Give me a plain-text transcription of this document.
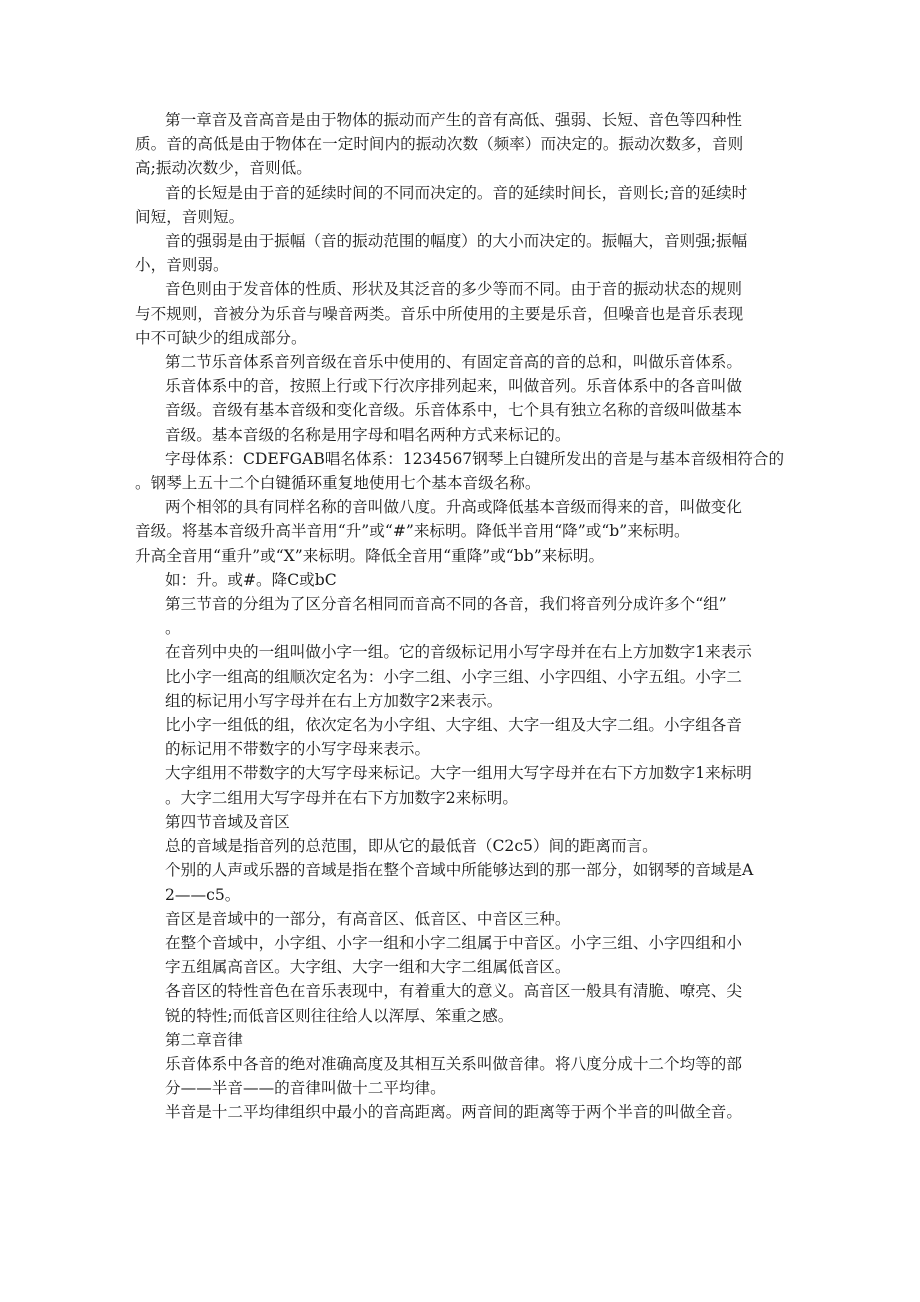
第一章音及音高音是由于物体的振动而产生的音有高低、强弱、长短、音色等四种性
质。音的高低是由于物体在一定时间内的振动次数（频率）而决定的。振动次数多，音则
高;振动次数少，音则低。
音的长短是由于音的延续时间的不同而决定的。音的延续时间长，音则长;音的延续时
间短，音则短。
音的强弱是由于振幅（音的振动范围的幅度）的大小而决定的。振幅大，音则强;振幅
小，音则弱。
音色则由于发音体的性质、形状及其泛音的多少等而不同。由于音的振动状态的规则
与不规则，音被分为乐音与噪音两类。音乐中所使用的主要是乐音，但噪音也是音乐表现
中不可缺少的组成部分。
第二节乐音体系音列音级在音乐中使用的、有固定音高的音的总和，叫做乐音体系。
乐音体系中的音，按照上行或下行次序排列起来，叫做音列。乐音体系中的各音叫做
音级。音级有基本音级和变化音级。乐音体系中，七个具有独立名称的音级叫做基本
音级。基本音级的名称是用字母和唱名两种方式来标记的。
字母体系：CDEFGAB唱名体系：1234567钢琴上白键所发出的音是与基本音级相符合的
。钢琴上五十二个白键循环重复地使用七个基本音级名称。
两个相邻的具有同样名称的音叫做八度。升高或降低基本音级而得来的音，叫做变化
音级。将基本音级升高半音用“升”或“#”来标明。降低半音用“降”或“b”来标明。
升高全音用“重升”或“X”来标明。降低全音用“重降”或“bb”来标明。
如：升。或#。降C或bC
第三节音的分组为了区分音名相同而音高不同的各音，我们将音列分成许多个“组”
。
在音列中央的一组叫做小字一组。它的音级标记用小写字母并在右上方加数字1来表示
比小字一组高的组顺次定名为：小字二组、小字三组、小字四组、小字五组。小字二
组的标记用小写字母并在右上方加数字2来表示。
比小字一组低的组，依次定名为小字组、大字组、大字一组及大字二组。小字组各音
的标记用不带数字的小写字母来表示。
大字组用不带数字的大写字母来标记。大字一组用大写字母并在右下方加数字1来标明
。大字二组用大写字母并在右下方加数字2来标明。
第四节音域及音区
总的音域是指音列的总范围，即从它的最低音（C2c5）间的距离而言。
个别的人声或乐器的音域是指在整个音域中所能够达到的那一部分，如钢琴的音域是A
2——c5。
音区是音域中的一部分，有高音区、低音区、中音区三种。
在整个音域中，小字组、小字一组和小字二组属于中音区。小字三组、小字四组和小
字五组属高音区。大字组、大字一组和大字二组属低音区。
各音区的特性音色在音乐表现中，有着重大的意义。高音区一般具有清脆、嘹亮、尖
锐的特性;而低音区则往往给人以浑厚、笨重之感。
第二章音律
乐音体系中各音的绝对准确高度及其相互关系叫做音律。将八度分成十二个均等的部
分——半音——的音律叫做十二平均律。
半音是十二平均律组织中最小的音高距离。两音间的距离等于两个半音的叫做全音。
